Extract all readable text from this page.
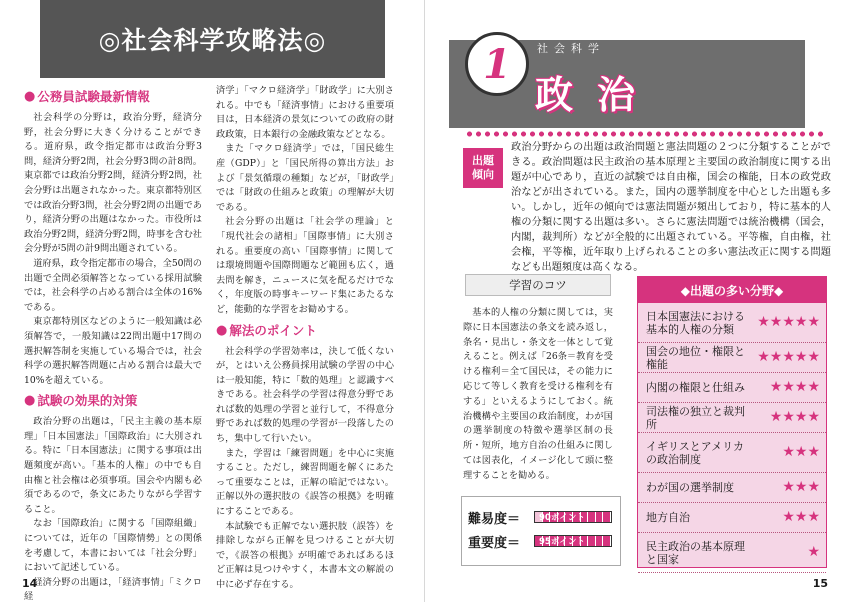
◎社会科学攻略法◎
● 公務員試験最新情報

社会科学の分野は，政治分野，経済分野，社会分野に大きく分けることができる。道府県，政令指定都市は政治分野3問，経済分野2問，社会分野3問の計8問。東京都では政治分野2問，経済分野2問，社会分野は出題されなかった。東京都特別区では政治分野3問，社会分野2問の出題であり，経済分野の出題はなかった。市役所は政治分野2問，経済分野2問，時事を含む社会分野が5問の計9問出題されている。

道府県，政令指定都市の場合，全50問の出題で全問必須解答となっている採用試験では，社会科学の占める割合は全体の16%である。

東京都特別区などのように一般知識は必須解答で，一般知識は22問出題中17問の選択解答制を実施している場合では，社会科学の選択解答問題に占める割合は最大で10%を超えている。

● 試験の効果的対策

政治分野の出題は，「民主主義の基本原理」「日本国憲法」「国際政治」に大別される。特に「日本国憲法」に関する事項は出題頻度が高い。「基本的人権」の中でも自由権と社会権は必須事項。国会や内閣も必須であるので，条文にあたりながら学習すること。

なお「国際政治」に関する「国際組織」については，近年の「国際情勢」との関係を考慮して，本書においては「社会分野」において記述している。

経済分野の出題は，「経済事情」「ミクロ経

済学」「マクロ経済学」「財政学」に大別される。中でも「経済事情」における重要項目は，日本経済の景気についての政府の財政政策，日本銀行の金融政策などとなる。

また「マクロ経済学」では，「国民総生産（GDP）」と「国民所得の算出方法」および「景気循環の種類」などが，「財政学」では「財政の仕組みと政策」の理解が大切である。

社会分野の出題は「社会学の理論」と「現代社会の諸相」「国際事情」に大別される。重要度の高い「国際事情」に関しては環境問題や国際問題など範囲も広く，過去問を解き，ニュースに気を配るだけでなく，年度版の時事キーワード集にあたるなど，能動的な学習をお勧めする。

● 解法のポイント

社会科学の学習効率は，決して低くないが，とはいえ公務員採用試験の学習の中心は一般知能，特に「数的処理」と認識すべきである。社会科学の学習は得意分野であれば数的処理の学習と並行して，不得意分野であれば数的処理の学習が一段落したのち，集中して行いたい。

また，学習は「練習問題」を中心に実施すること。ただし，練習問題を解くにあたって重要なことは，正解の暗記ではない。正解以外の選択肢の《誤答の根拠》を明確にすることである。

本試験でも正解でない選択肢（誤答）を排除しながら正解を見つけることが大切で，《誤答の根拠》が明確であればあるほど正解は見つけやすく，本書本文の解説の中に必ず存在する。

14
1	社会科学
政治
出題
傾向
政治分野からの出題は政治問題と憲法問題の２つに分類することができる。政治問題は民主政治の基本原理と主要国の政治制度に関する出題が中心であり，直近の試験では自由権，国会の権能，日本の政党政治などが出されている。また，国内の選挙制度を中心とした出題も多い。しかし，近年の傾向では憲法問題が頻出しており，特に基本的人権の分類に関する出題は多い。さらに憲法問題では統治機構（国会，内閣，裁判所）などが全般的に出題されている。平等権，自由権，社会権，平等権，近年取り上げられることの多い憲法改正に関する問題なども出題頻度は高くなる。
学習のコツ

基本的人権の分類に関しては，実際に日本国憲法の条文を読み返し，条名・見出し・条文を一体として覚えること。例えば「26条＝教育を受ける権利＝全て国民は，その能力に応じて等しく教育を受ける権利を有する」といえるようにしておく。統治機構や主要国の政治制度，わが国の選挙制度の特徴や選挙区制の長所・短所，地方自治の仕組みに関しては図表化，イメージ化して頭に整理することを勧める。

難易度＝	90ポイント
重要度＝	95ポイント
◆出題の多い分野◆
日本国憲法における基本的人権の分類	★★★★★
国会の地位・権限と権能	★★★★★
内閣の権限と仕組み	★★★★
司法権の独立と裁判所	★★★★
イギリスとアメリカの政治制度	★★★
わが国の選挙制度	★★★
地方自治	★★★
民主政治の基本原理と国家	★
15
